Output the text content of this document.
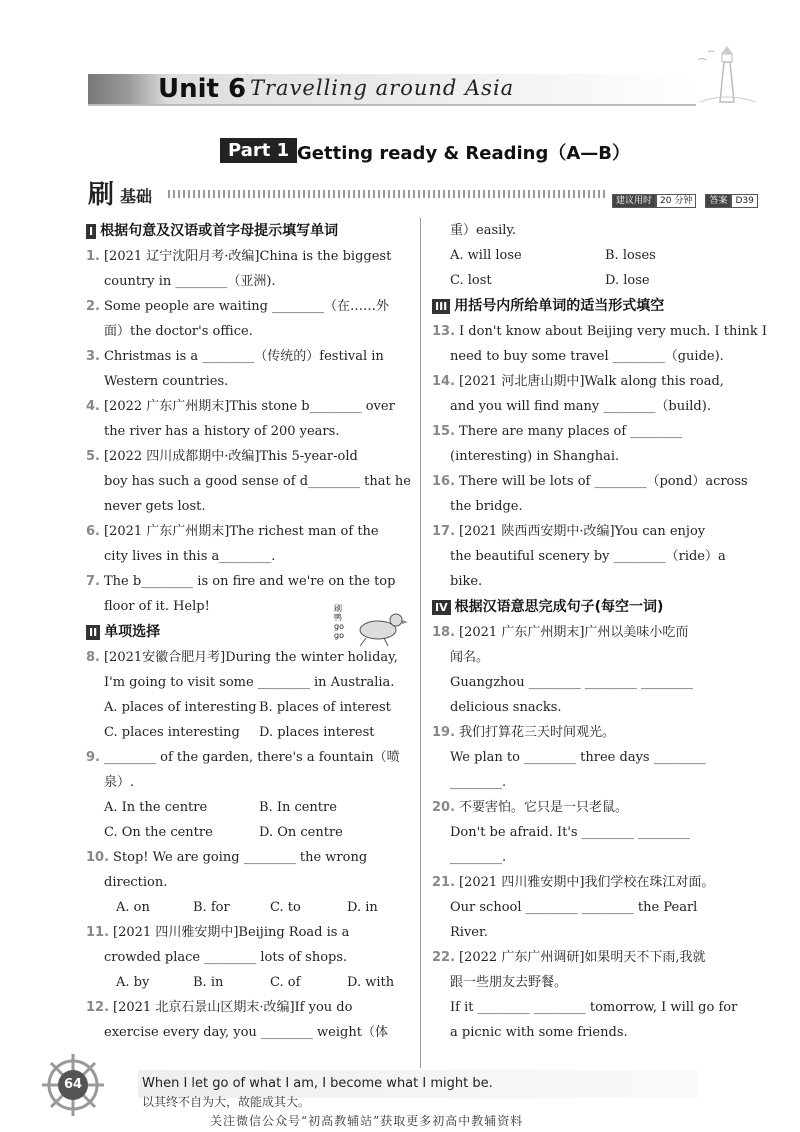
Unit 6 Travelling around Asia
Part 1 Getting ready & Reading（A—B）
刷 基础	建议用时 20 分钟 答案 D39
I 根据句意及汉语或首字母提示填写单词
1. [2021 辽宁沈阳月考·改编]China is the biggest
country in ________（亚洲).
2. Some people are waiting ________（在……外
面）the doctor's office.
3. Christmas is a ________（传统的）festival in
Western countries.
4. [2022 广东广州期末]This stone b________ over
the river has a history of 200 years.
5. [2022 四川成都期中·改编]This 5-year-old
boy has such a good sense of d________ that he
never gets lost.
6. [2021 广东广州期末]The richest man of the
city lives in this a________.
7. The b________ is on fire and we're on the top
floor of it. Help!
II 单项选择
8. [2021安徽合肥月考]During the winter holiday,
I'm going to visit some ________ in Australia.
A. places of interesting B. places of interest
C. places interesting D. places interest
9. ________ of the garden, there's a fountain（喷
泉）.
A. In the centre	B. In centre
C. On the centre	D. On centre
10. Stop! We are going ________ the wrong
direction.
A. on	B. for	C. to	D. in
11. [2021 四川雅安期中]Beijing Road is a
crowded place ________ lots of shops.
A. by	B. in	C. of	D. with
12. [2021 北京石景山区期末·改编]If you do
exercise every day, you ________ weight（体
重）easily.
A. will lose	B. loses
C. lost	D. lose
III 用括号内所给单词的适当形式填空
13. I don't know about Beijing very much. I think I
need to buy some travel ________（guide).
14. [2021 河北唐山期中]Walk along this road,
and you will find many ________（build).
15. There are many places of ________
(interesting) in Shanghai.
16. There will be lots of ________（pond）across
the bridge.
17. [2021 陕西西安期中·改编]You can enjoy
the beautiful scenery by ________（ride）a
bike.
IV 根据汉语意思完成句子(每空一词)
18. [2021 广东广州期末]广州以美味小吃而
闻名。
Guangzhou ________ ________ ________
delicious snacks.
19. 我们打算花三天时间观光。
We plan to ________ three days ________
________.
20. 不要害怕。它只是一只老鼠。
Don't be afraid. It's ________ ________
________.
21. [2021 四川雅安期中]我们学校在珠江对面。
Our school ________ ________ the Pearl
River.
22. [2022 广东广州调研]如果明天不下雨,我就
跟一些朋友去野餐。
If it ________ ________ tomorrow, I will go for
a picnic with some friends.
刷 鸭 go go
64	When I let go of what I am, I become what I might be.
以其终不自为大，故能成其大。
关注微信公众号“初高教辅站”获取更多初高中教辅资料
